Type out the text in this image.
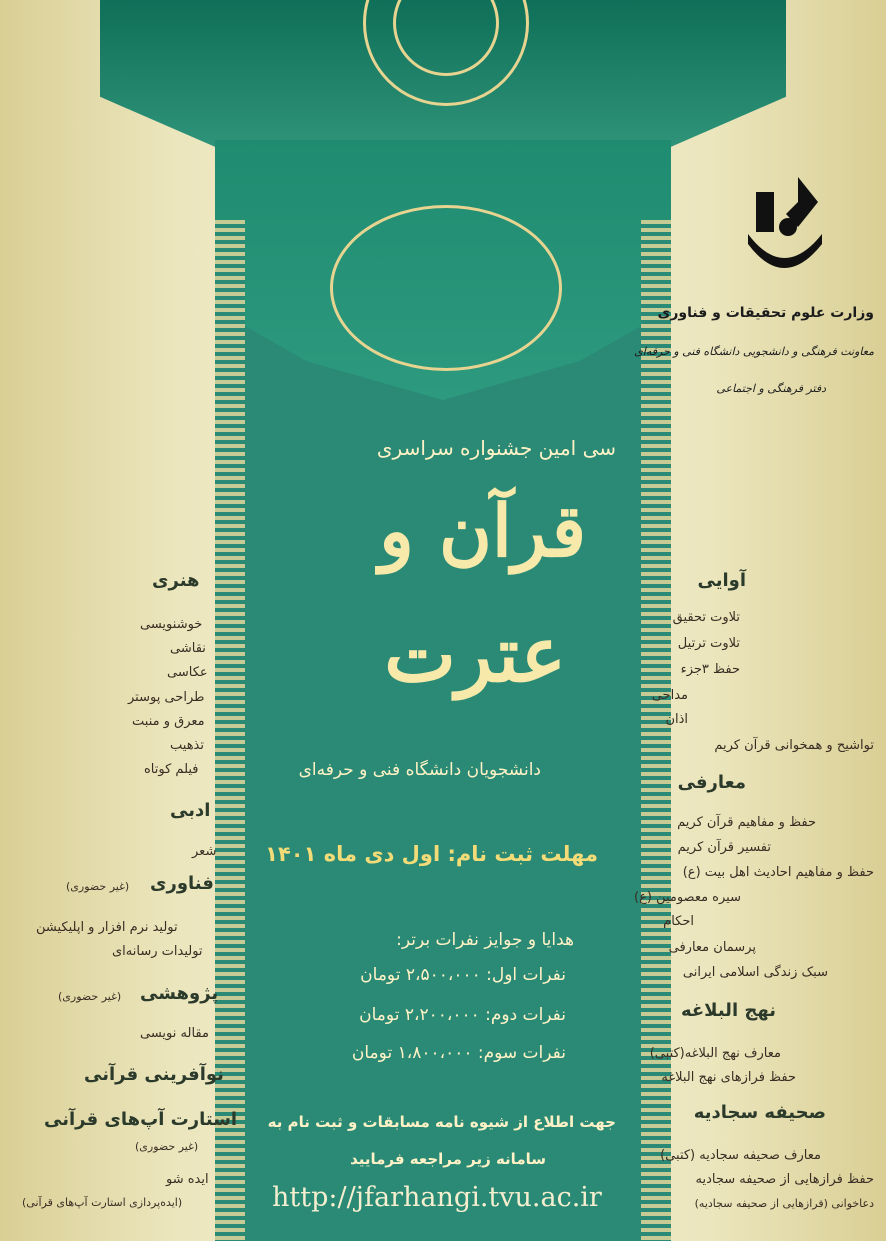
وزارت علوم تحقیقات و فناوری
معاونت فرهنگی و دانشجویی دانشگاه فنی و حرفه‌ای
دفتر فرهنگی و اجتماعی
سی امین جشنواره سراسری
قرآن و
عترت
دانشجویان دانشگاه فنی و حرفه‌ای
مهلت ثبت نام: اول دی ماه ۱۴۰۱
هدایا و جوایز نفرات برتر:
نفرات اول: ۲،۵۰۰،۰۰۰ تومان
نفرات دوم: ۲،۲۰۰،۰۰۰ تومان
نفرات سوم: ۱،۸۰۰،۰۰۰ تومان
جهت اطلاع از شیوه نامه مسابقات و ثبت نام به
سامانه زیر مراجعه فرمایید
http://jfarhangi.tvu.ac.ir
آوایی
تلاوت تحقیق
تلاوت ترتیل
حفظ ۳جزء
مداحی
اذان
تواشیح و همخوانی قرآن کریم
معارفی
حفظ و مفاهیم قرآن کریم
تفسیر قرآن کریم
حفظ و مفاهیم احادیث اهل بیت (ع)
سیره معصومین (ع)
احکام
پرسمان معارفی
سبک زندگی اسلامی ایرانی
نهج البلاغه
معارف نهج البلاغه(کتبی)
حفظ فرازهای نهج البلاغه
صحیفه سجادیه
معارف صحیفه سجادیه (کتبی)
حفظ فرازهایی از صحیفه سجادیه
دعاخوانی (فرازهایی از صحیفه سجادیه)
هنری
خوشنویسی
نقاشی
عکاسی
طراحی پوستر
معرق و منبت
تذهیب
فیلم کوتاه
ادبی
شعر
فناوری
(غیر حضوری)
تولید نرم افزار و اپلیکیشن
تولیدات رسانه‌ای
پژوهشی
(غیر حضوری)
مقاله نویسی
نوآفرینی قرآنی
استارت آپ‌های قرآنی
(غیر حضوری)
ایده شو
(ایده‌پردازی استارت آپ‌های قرآنی)
